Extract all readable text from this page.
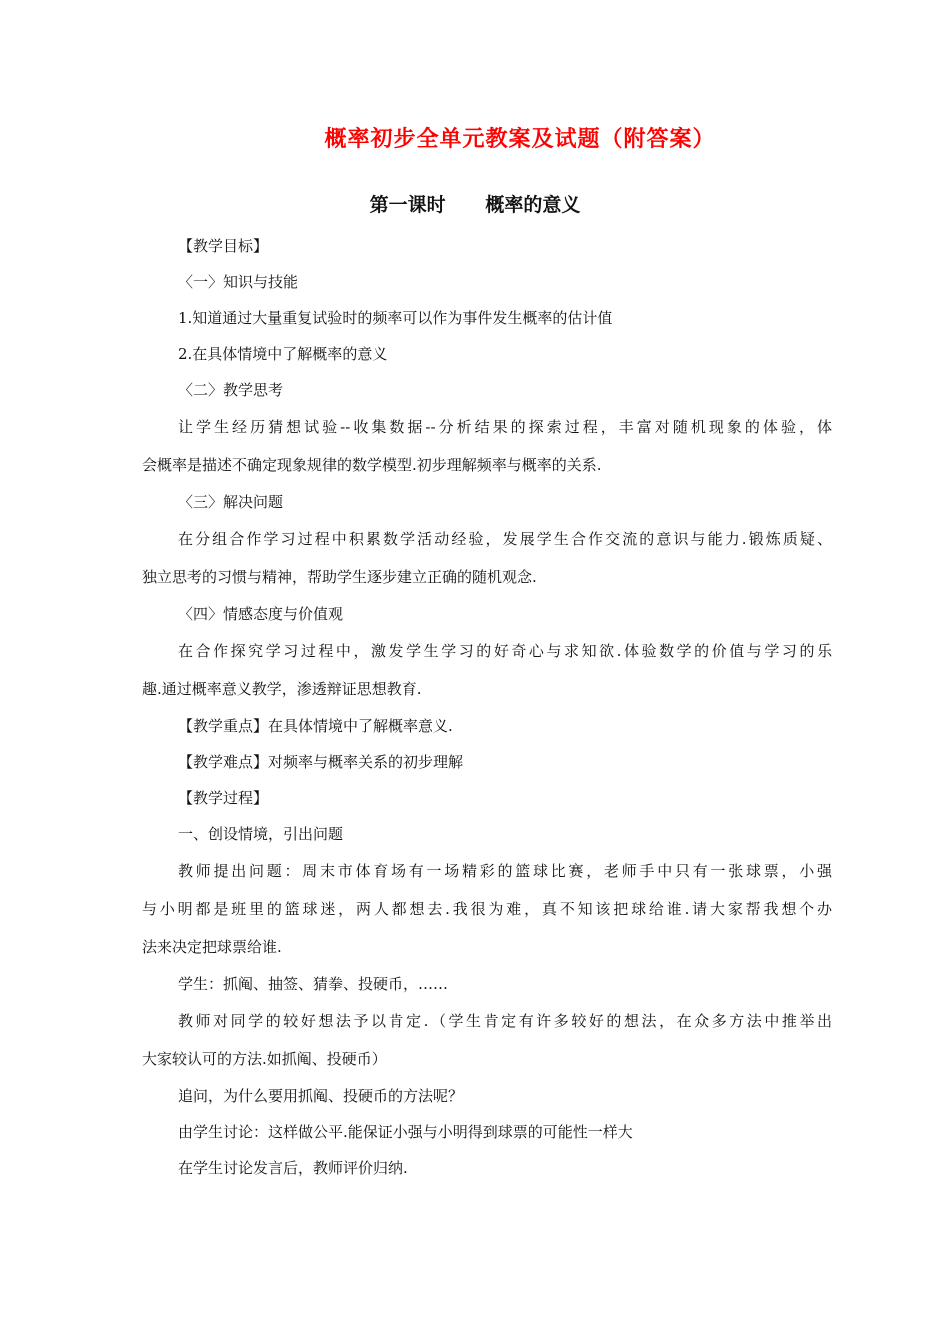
概率初步全单元教案及试题（附答案）
第一课时      概率的意义
【教学目标】
〈一〉知识与技能
1.知道通过大量重复试验时的频率可以作为事件发生概率的估计值
2.在具体情境中了解概率的意义
〈二〉教学思考
让学生经历猜想试验--收集数据--分析结果的探索过程，丰富对随机现象的体验，体
会概率是描述不确定现象规律的数学模型.初步理解频率与概率的关系.
〈三〉解决问题
在分组合作学习过程中积累数学活动经验，发展学生合作交流的意识与能力.锻炼质疑、
独立思考的习惯与精神，帮助学生逐步建立正确的随机观念.
〈四〉情感态度与价值观
在合作探究学习过程中，激发学生学习的好奇心与求知欲.体验数学的价值与学习的乐
趣.通过概率意义教学，渗透辩证思想教育.
【教学重点】在具体情境中了解概率意义.
【教学难点】对频率与概率关系的初步理解
【教学过程】
一、创设情境，引出问题
教师提出问题：周末市体育场有一场精彩的篮球比赛，老师手中只有一张球票，小强
与小明都是班里的篮球迷，两人都想去.我很为难，真不知该把球给谁.请大家帮我想个办
法来决定把球票给谁.
学生：抓阄、抽签、猜拳、投硬币，……
教师对同学的较好想法予以肯定.（学生肯定有许多较好的想法，在众多方法中推举出
大家较认可的方法.如抓阄、投硬币）
追问，为什么要用抓阄、投硬币的方法呢？
由学生讨论：这样做公平.能保证小强与小明得到球票的可能性一样大
在学生讨论发言后，教师评价归纳.
